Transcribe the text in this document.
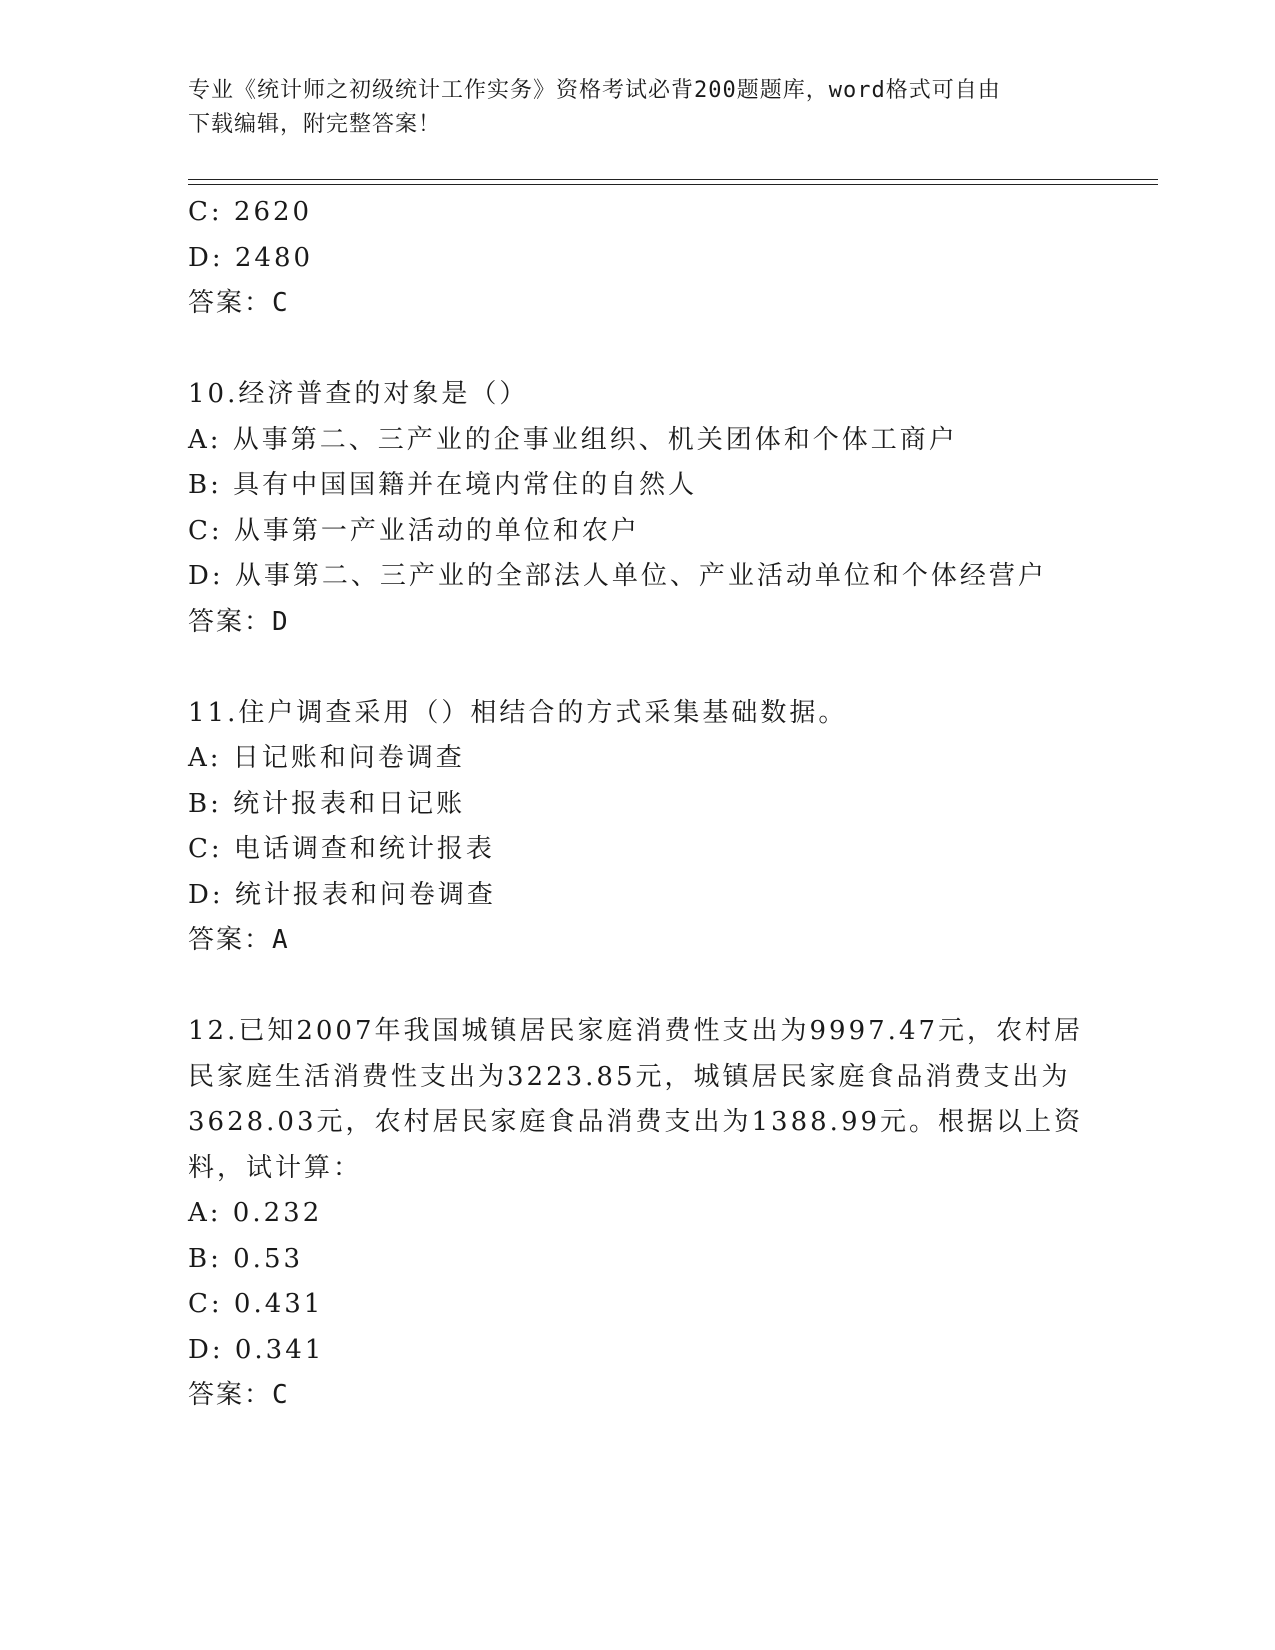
专业《统计师之初级统计工作实务》资格考试必背200题题库，word格式可自由
下载编辑，附完整答案！
C: 2620
D: 2480
答案：C
10.经济普查的对象是（）
A: 从事第二、三产业的企事业组织、机关团体和个体工商户
B: 具有中国国籍并在境内常住的自然人
C: 从事第一产业活动的单位和农户
D: 从事第二、三产业的全部法人单位、产业活动单位和个体经营户
答案：D
11.住户调查采用（）相结合的方式采集基础数据。
A: 日记账和问卷调查
B: 统计报表和日记账
C: 电话调查和统计报表
D: 统计报表和问卷调查
答案：A
12.已知2007年我国城镇居民家庭消费性支出为9997.47元，农村居
民家庭生活消费性支出为3223.85元，城镇居民家庭食品消费支出为
3628.03元，农村居民家庭食品消费支出为1388.99元。根据以上资
料，试计算：
A: 0.232
B: 0.53
C: 0.431
D: 0.341
答案：C
